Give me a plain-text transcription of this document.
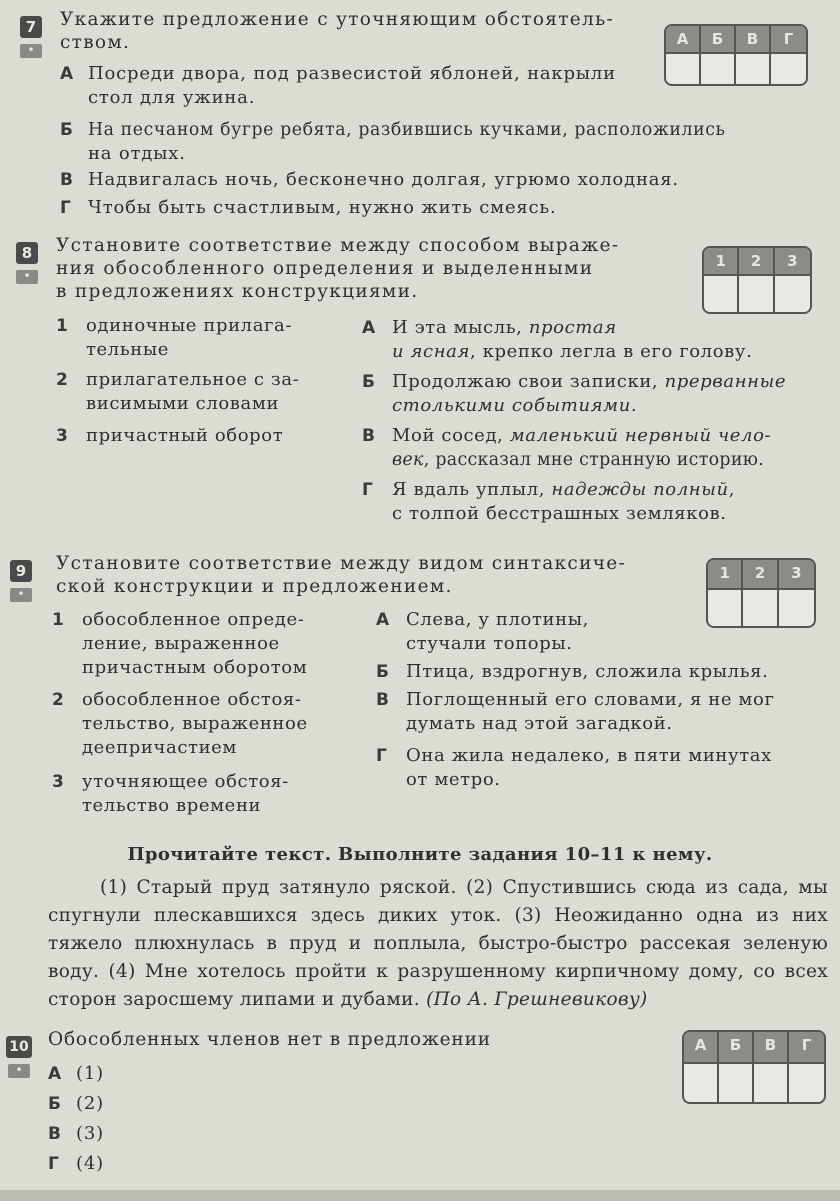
7
•
Укажите предложение с уточняющим обстоятель-
ством.	А	Б	В	Г
А Посреди двора, под развесистой яблоней, накрыли
стол для ужина.
Б На песчаном бугре ребята, разбившись кучками, расположились
на отдых.
В Надвигалась ночь, бесконечно долгая, угрюмо холодная.
Г Чтобы быть счастливым, нужно жить смеясь.
8
•
Установите соответствие между способом выраже-
ния обособленного определения и выделенными
в предложениях конструкциями.
1	2	3
1 одиночные прилага-
тельные
2 прилагательное с за-
висимыми словами
3 причастный оборот
А И эта мысль, простая
и ясная, крепко легла в его голову.
Б Продолжаю свои записки, прерванные
столькими событиями.
В Мой сосед, маленький нервный чело-
век, рассказал мне странную историю.
Г	Я вдаль уплыл, надежды полный,
с толпой бесстрашных земляков.
9
•
Установите соответствие между видом синтаксиче-
ской конструкции и предложением.
1	2	3
1 обособленное опреде-
ление, выраженное
причастным оборотом
2 обособленное обстоя-
тельство, выраженное
деепричастием
3 уточняющее обстоя-
тельство времени
А Слева, у плотины,
стучали топоры.
Б Птица, вздрогнув, сложила крылья.
В Поглощенный его словами, я не мог
думать над этой загадкой.
Г	Она жила недалеко, в пяти минутах
от метро.
Прочитайте текст. Выполните задания 10–11 к нему.
(1) Старый пруд затянуло ряской. (2) Спустившись сюда из сада, мы спугнули плескавшихся здесь диких уток. (3) Неожиданно одна из них тяжело плюхнулась в пруд и поплыла, быстро-быстро рассекая зеленую воду. (4) Мне хотелось пройти к разрушенному кирпичному дому, со всех сторон заросшему липами и дубами. (По А. Грешневикову)
10
•
Обособленных членов нет в предложении	А	Б	В	Г
А (1)
Б (2)
В (3)
Г (4)
